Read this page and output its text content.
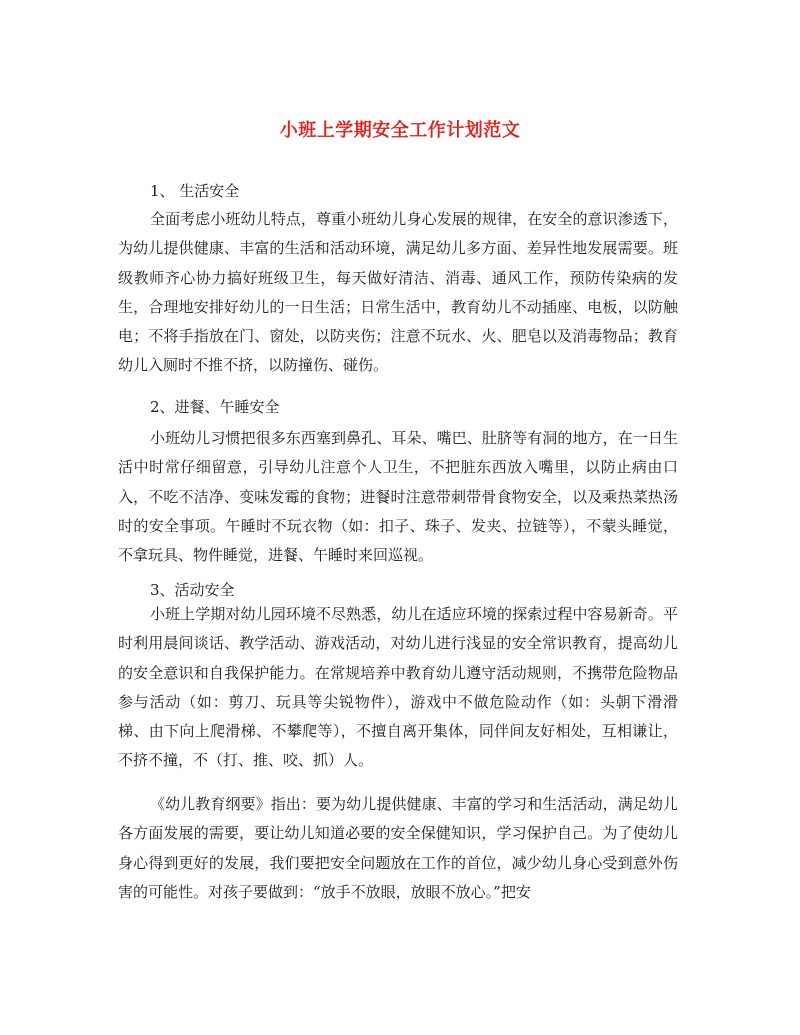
小班上学期安全工作计划范文
1、 生活安全

全面考虑小班幼儿特点，尊重小班幼儿身心发展的规律，在安全的意识渗透下，为幼儿提供健康、丰富的生活和活动环境，满足幼儿多方面、差异性地发展需要。班级教师齐心协力搞好班级卫生，每天做好清洁、消毒、通风工作，预防传染病的发生，合理地安排好幼儿的一日生活；日常生活中，教育幼儿不动插座、电板，以防触电；不将手指放在门、窗处，以防夹伤；注意不玩水、火、肥皂以及消毒物品；教育幼儿入厕时不推不挤，以防撞伤、碰伤。

2、进餐、午睡安全

小班幼儿习惯把很多东西塞到鼻孔、耳朵、嘴巴、肚脐等有洞的地方，在一日生活中时常仔细留意，引导幼儿注意个人卫生，不把脏东西放入嘴里，以防止病由口入，不吃不洁净、变味发霉的食物；进餐时注意带刺带骨食物安全，以及乘热菜热汤时的安全事项。午睡时不玩衣物（如：扣子、珠子、发夹、拉链等），不蒙头睡觉，不拿玩具、物件睡觉，进餐、午睡时来回巡视。

3、活动安全

小班上学期对幼儿园环境不尽熟悉，幼儿在适应环境的探索过程中容易新奇。平时利用晨间谈话、教学活动、游戏活动，对幼儿进行浅显的安全常识教育，提高幼儿的安全意识和自我保护能力。在常规培养中教育幼儿遵守活动规则，不携带危险物品参与活动（如：剪刀、玩具等尖锐物件），游戏中不做危险动作（如：头朝下滑滑梯、由下向上爬滑梯、不攀爬等），不擅自离开集体，同伴间友好相处，互相谦让，不挤不撞，不（打、推、咬、抓）人。

《幼儿教育纲要》指出：要为幼儿提供健康、丰富的学习和生活活动，满足幼儿各方面发展的需要，要让幼儿知道必要的安全保健知识，学习保护自己。为了使幼儿身心得到更好的发展，我们要把安全问题放在工作的首位，减少幼儿身心受到意外伤害的可能性。对孩子要做到：“放手不放眼，放眼不放心。”把安
